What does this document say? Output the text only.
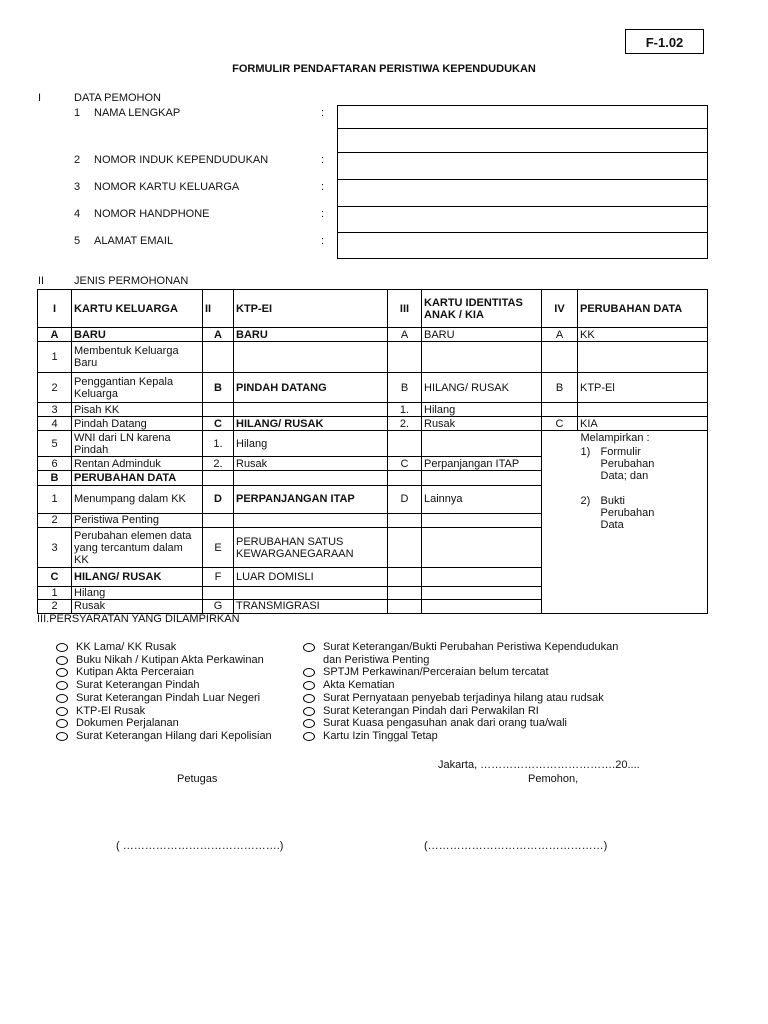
F-1.02
FORMULIR PENDAFTARAN PERISTIWA KEPENDUDUKAN
I	DATA PEMOHON
1 NAMA LENGKAP	:
2 NOMOR INDUK KEPENDUDUKAN	:
3 NOMOR KARTU KELUARGA	:
4 NOMOR HANDPHONE	:
5 ALAMAT EMAIL	:
II	JENIS PERMOHONAN
I	KARTU KELUARGA	II	KTP-EI	III	KARTU IDENTITAS ANAK / KIA	IV	PERUBAHAN DATA	
A	BARU	A	BARU	A	BARU	A	KK	
1	Membentuk Keluarga Baru							
2	Penggantian Kepala Keluarga	B	PINDAH DATANG	B	HILANG/ RUSAK	B	KTP-El	
3	Pisah KK			1.	Hilang			
4	Pindah Datang	C	HILANG/ RUSAK	2.	Rusak	C	KIA	
5	WNI dari LN karena Pindah	1.	Hilang				Melampirkan :
1) Formulir Perubahan Data; dan
2) Bukti Perubahan Data	

6	Rentan Adminduk	2.	Rusak	C	Perpanjangan ITAP			
B	PERUBAHAN DATA							
1	Menumpang dalam KK	D	PERPANJANGAN ITAP	D	Lainnya			
2	Peristiwa Penting							
3	Perubahan elemen data yang tercantum dalam KK	E	PERUBAHAN SATUS KEWARGANEGARAAN					
C	HILANG/ RUSAK	F	LUAR DOMISLI					
1	Hilang							
2	Rusak	G	TRANSMIGRASI					
III.PERSYARATAN YANG DILAMPIRKAN
KK Lama/ KK Rusak
Buku Nikah / Kutipan Akta Perkawinan
Kutipan Akta Perceraian
Surat Keterangan Pindah
Surat Keterangan Pindah Luar Negeri
KTP-El Rusak
Dokumen Perjalanan
Surat Keterangan Hilang dari Kepolisian
Surat Keterangan/Bukti Perubahan Peristiwa Kependudukan
dan Peristiwa Penting
SPTJM Perkawinan/Perceraian belum tercatat
Akta Kematian
Surat Pernyataan penyebab terjadinya hilang atau rudsak
Surat Keterangan Pindah dari Perwakilan RI
Surat Kuasa pengasuhan anak dari orang tua/wali
Kartu Izin Tinggal Tetap
Jakarta, ……………………………….20....
Petugas	Pemohon,
( …………………………………….)	(…………………………………………)
